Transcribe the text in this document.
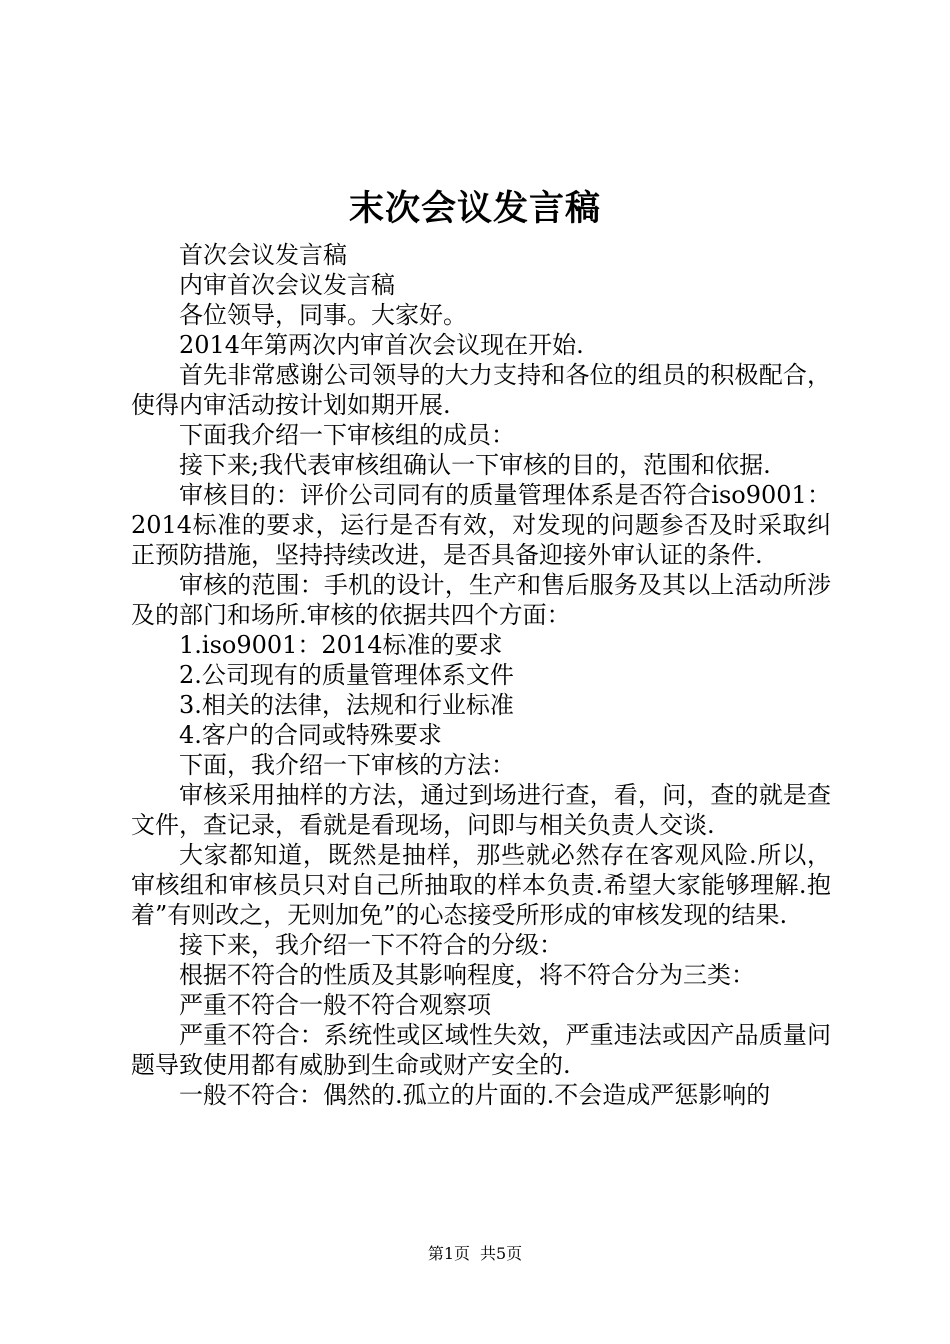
末次会议发言稿

首次会议发言稿

内审首次会议发言稿

各位领导，同事。大家好。

2014年第两次内审首次会议现在开始.

首先非常感谢公司领导的大力支持和各位的组员的积极配合，使得内审活动按计划如期开展.

下面我介绍一下审核组的成员：

接下来;我代表审核组确认一下审核的目的，范围和依据.

审核目的：评价公司同有的质量管理体系是否符合iso9001：2014标准的要求，运行是否有效，对发现的问题参否及时采取纠正预防措施，坚持持续改进，是否具备迎接外审认证的条件.

审核的范围：手机的设计，生产和售后服务及其以上活动所涉及的部门和场所.审核的依据共四个方面：

1.iso9001：2014标准的要求

2.公司现有的质量管理体系文件

3.相关的法律，法规和行业标准

4.客户的合同或特殊要求

下面，我介绍一下审核的方法：

审核采用抽样的方法，通过到场进行查，看，问，查的就是查文件，查记录，看就是看现场，问即与相关负责人交谈.

大家都知道，既然是抽样，那些就必然存在客观风险.所以，审核组和审核员只对自己所抽取的样本负责.希望大家能够理解.抱着”有则改之，无则加免”的心态接受所形成的审核发现的结果.

接下来，我介绍一下不符合的分级：

根据不符合的性质及其影响程度，将不符合分为三类：

严重不符合一般不符合观察项

严重不符合：系统性或区域性失效，严重违法或因产品质量问题导致使用都有威胁到生命或财产安全的.

一般不符合：偶然的.孤立的片面的.不会造成严惩影响的

第1页 共5页
